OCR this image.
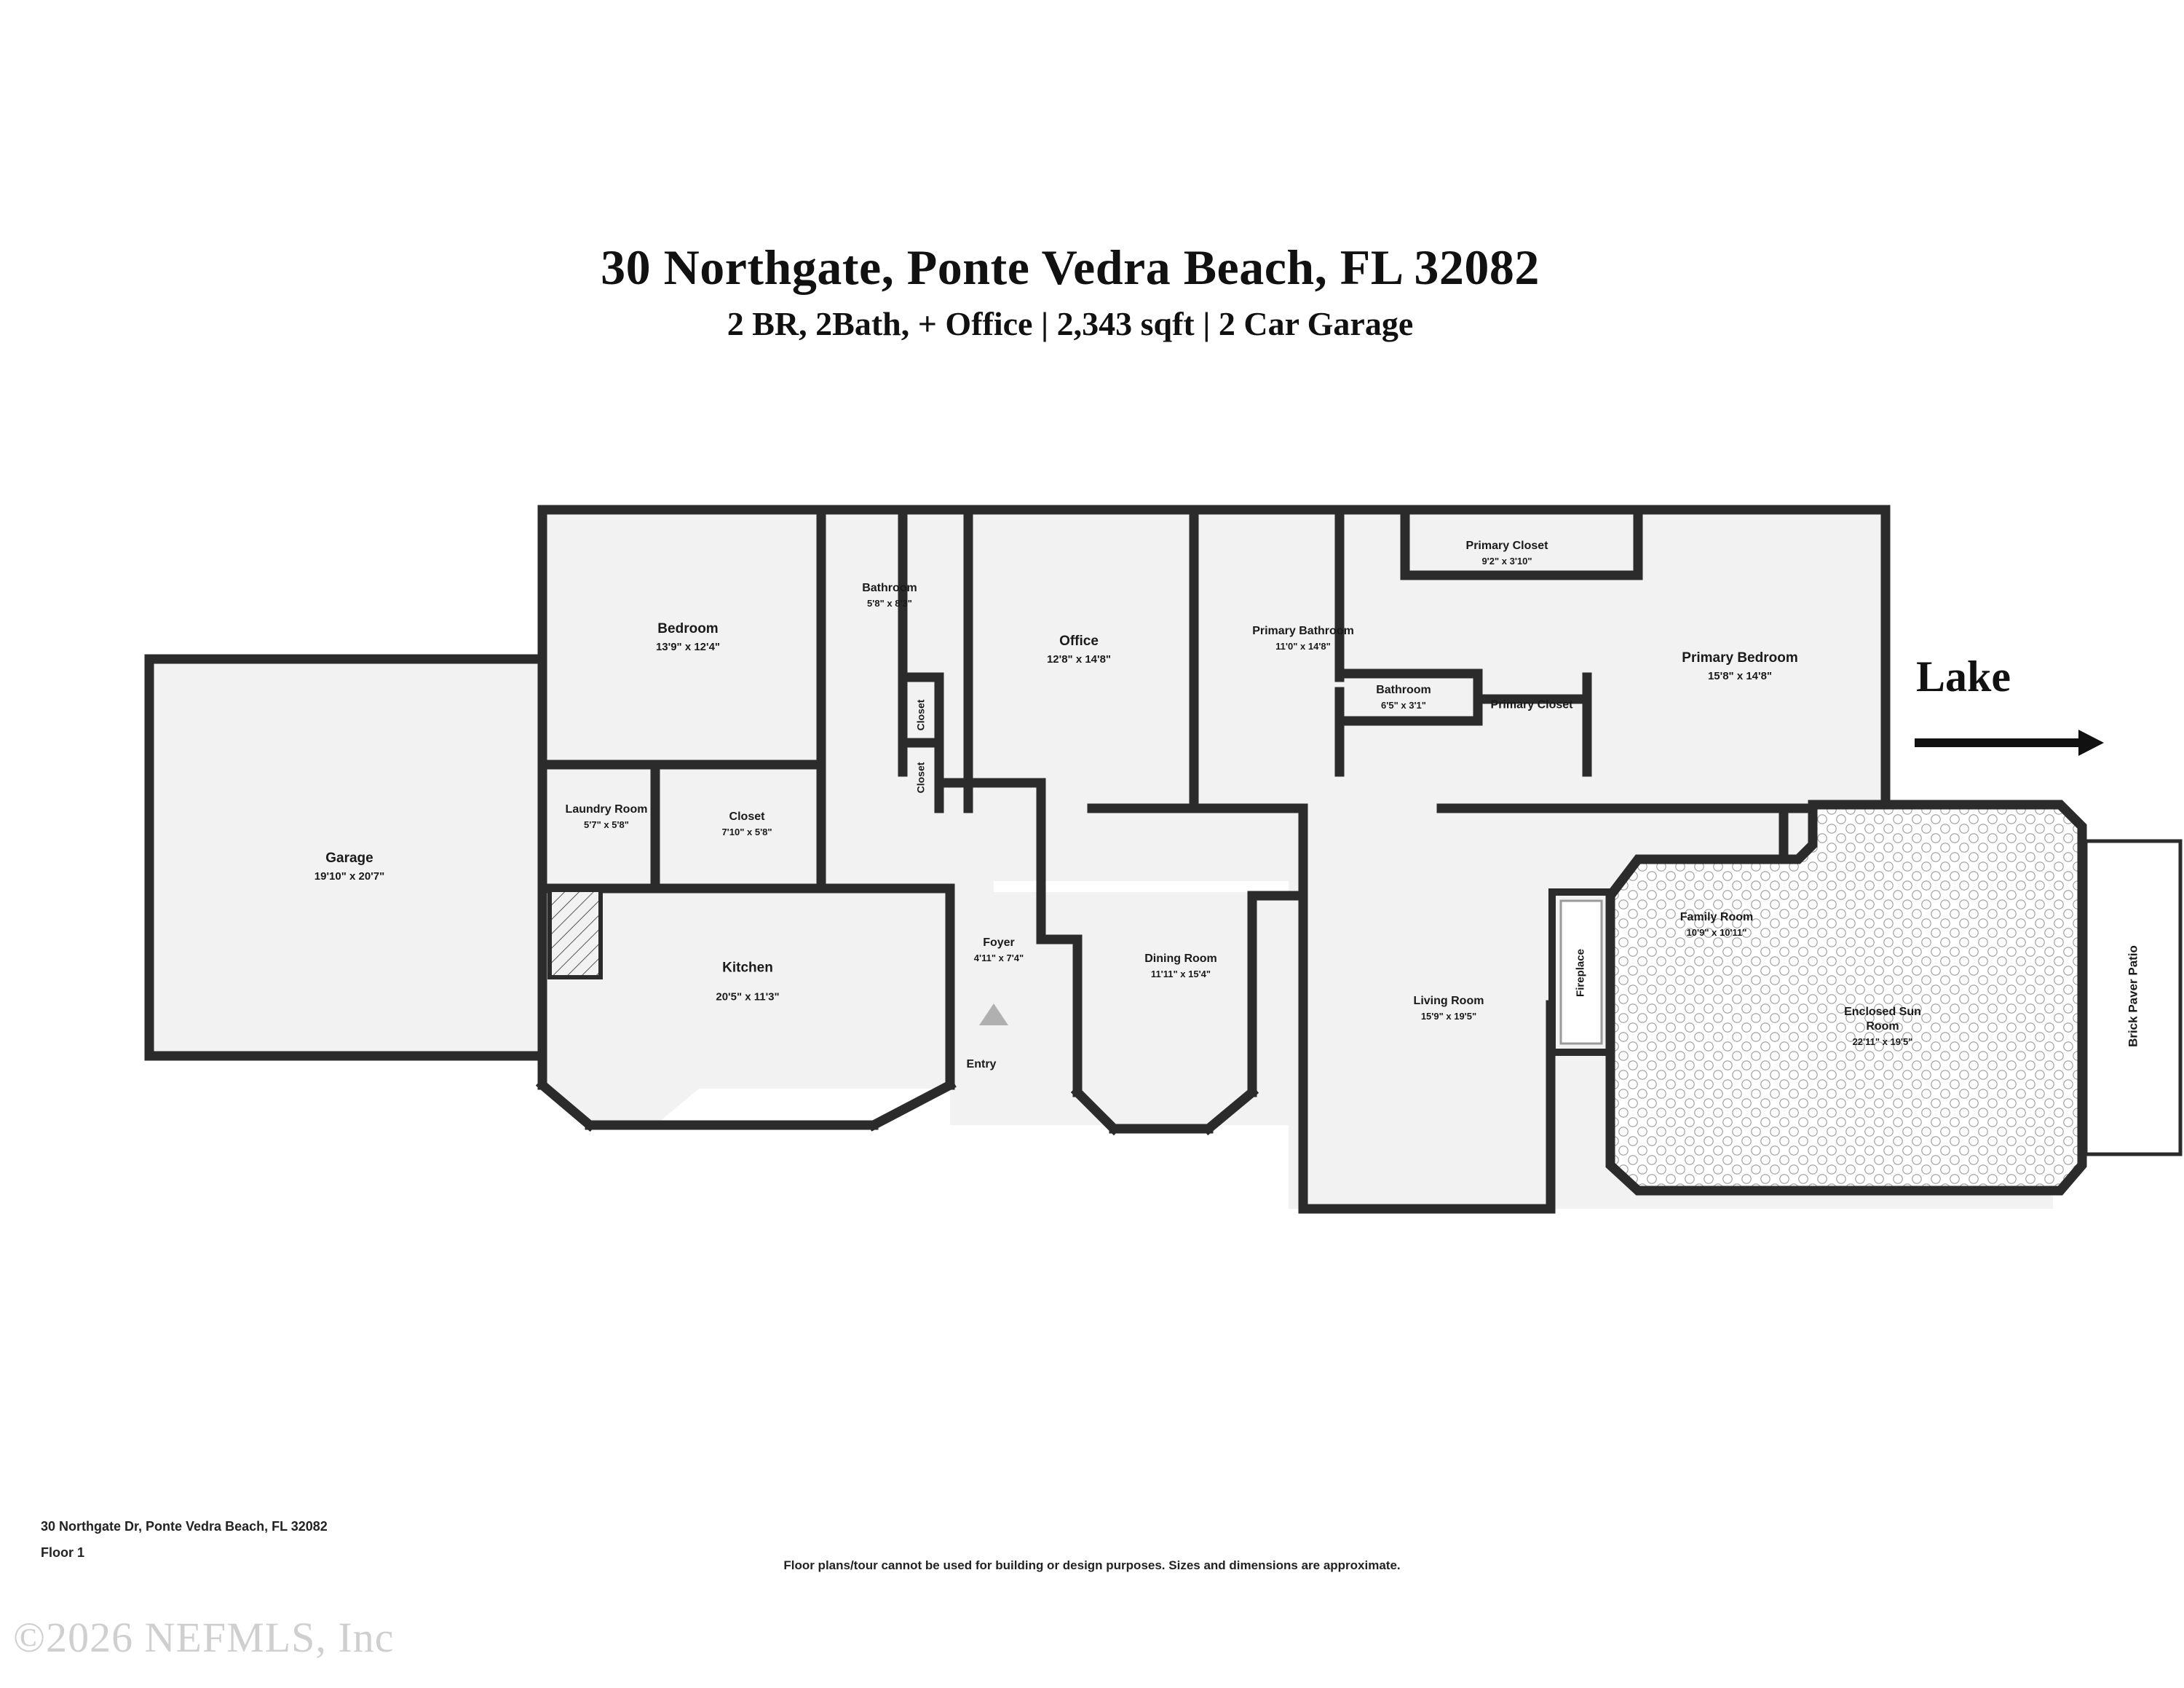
30 Northgate, Ponte Vedra Beach, FL 32082
2 BR, 2Bath, + Office | 2,343 sqft | 2 Car Garage
Garage
19'10" x 20'7"
Bedroom
13'9" x 12'4"
Bathroom
5'8" x 8'3"
Office
12'8" x 14'8"
Primary Bathroom
11'0" x 14'8"
Primary Closet
9'2" x 3'10"
Primary Bedroom
15'8" x 14'8"
Bathroom
6'5" x 3'1"	Primary Closet
Laundry Room
5'7" x 5'8"
Closet
7'10" x 5'8"
Closet
Closet
Kitchen
20'5" x 11'3"
Foyer
4'11" x 7'4"	Dining Room
11'11" x 15'4"
Living Room
15'9" x 19'5"
Family Room
10'9" x 10'11"
Fireplace
Enclosed Sun Room
22'11" x 19'5"	Brick Paver Patio
Entry
Lake
30 Northgate Dr, Ponte Vedra Beach, FL 32082
Floor 1
Floor plans/tour cannot be used for building or design purposes. Sizes and dimensions are approximate.
©2026 NEFMLS, Inc
